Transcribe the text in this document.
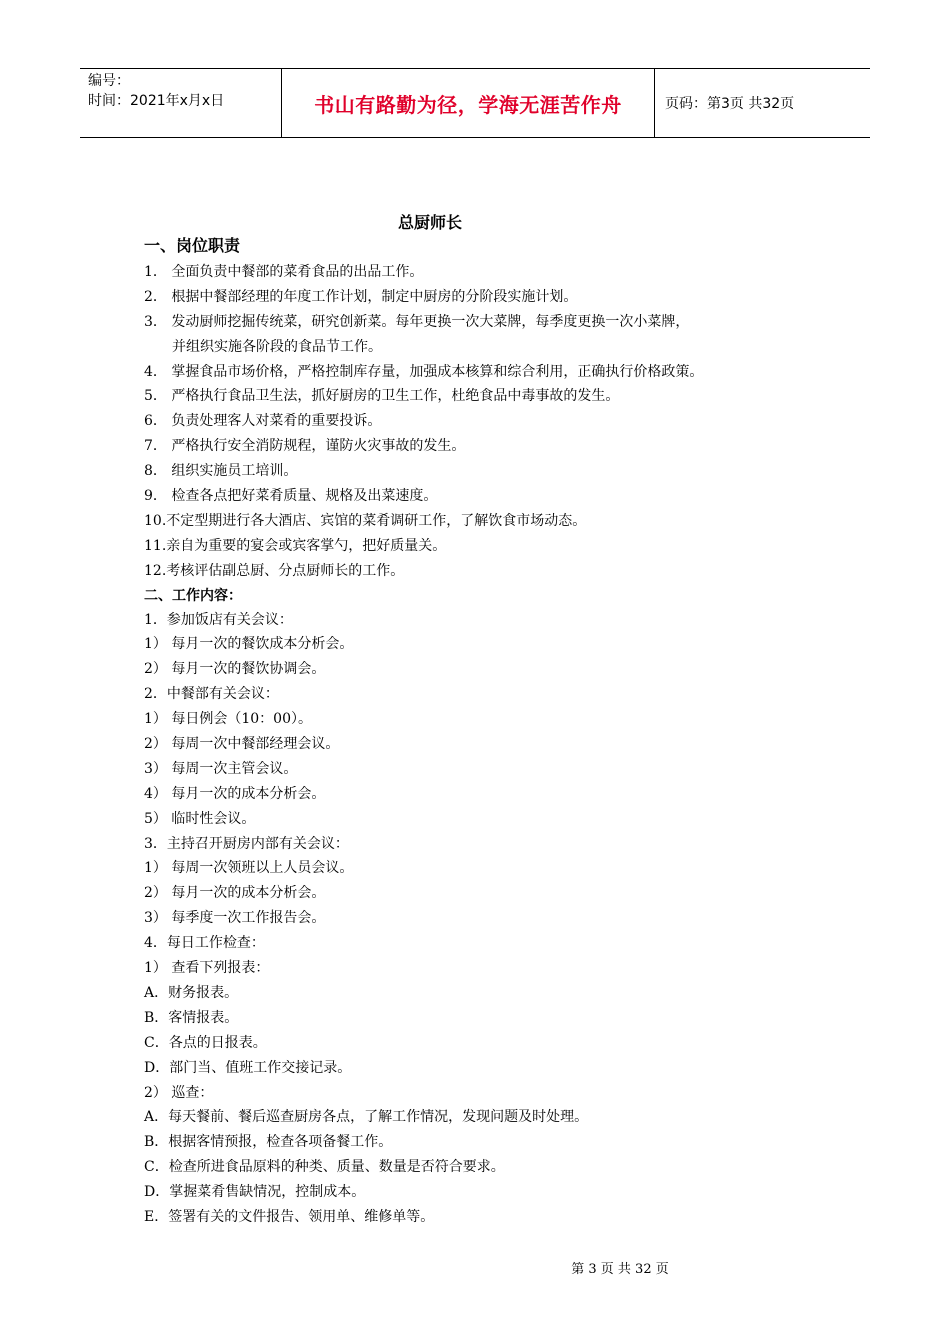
编号：
时间：2021年x月x日	书山有路勤为径，学海无涯苦作舟	页码：第3页 共32页
总厨师长
一、岗位职责
1． 全面负责中餐部的菜肴食品的出品工作。
2． 根据中餐部经理的年度工作计划，制定中厨房的分阶段实施计划。
3． 发动厨师挖掘传统菜，研究创新菜。每年更换一次大菜牌，每季度更换一次小菜牌，
并组织实施各阶段的食品节工作。
4． 掌握食品市场价格，严格控制库存量，加强成本核算和综合利用，正确执行价格政策。
5． 严格执行食品卫生法，抓好厨房的卫生工作，杜绝食品中毒事故的发生。
6． 负责处理客人对菜肴的重要投诉。
7． 严格执行安全消防规程，谨防火灾事故的发生。
8． 组织实施员工培训。
9． 检查各点把好菜肴质量、规格及出菜速度。
10.不定型期进行各大酒店、宾馆的菜肴调研工作，了解饮食市场动态。
11.亲自为重要的宴会或宾客掌勺，把好质量关。
12.考核评估副总厨、分点厨师长的工作。
二、工作内容：
1．参加饭店有关会议：
1） 每月一次的餐饮成本分析会。
2） 每月一次的餐饮协调会。
2．中餐部有关会议：
1） 每日例会（10：00）。
2） 每周一次中餐部经理会议。
3） 每周一次主管会议。
4） 每月一次的成本分析会。
5） 临时性会议。
3．主持召开厨房内部有关会议：
1） 每周一次领班以上人员会议。
2） 每月一次的成本分析会。
3） 每季度一次工作报告会。
4．每日工作检查：
1） 查看下列报表：
A．财务报表。
B．客情报表。
C．各点的日报表。
D．部门当、值班工作交接记录。
2） 巡查：
A．每天餐前、餐后巡查厨房各点，了解工作情况，发现问题及时处理。
B．根据客情预报，检查各项备餐工作。
C．检查所进食品原料的种类、质量、数量是否符合要求。
D．掌握菜肴售缺情况，控制成本。
E．签署有关的文件报告、领用单、维修单等。
第 3 页 共 32 页
